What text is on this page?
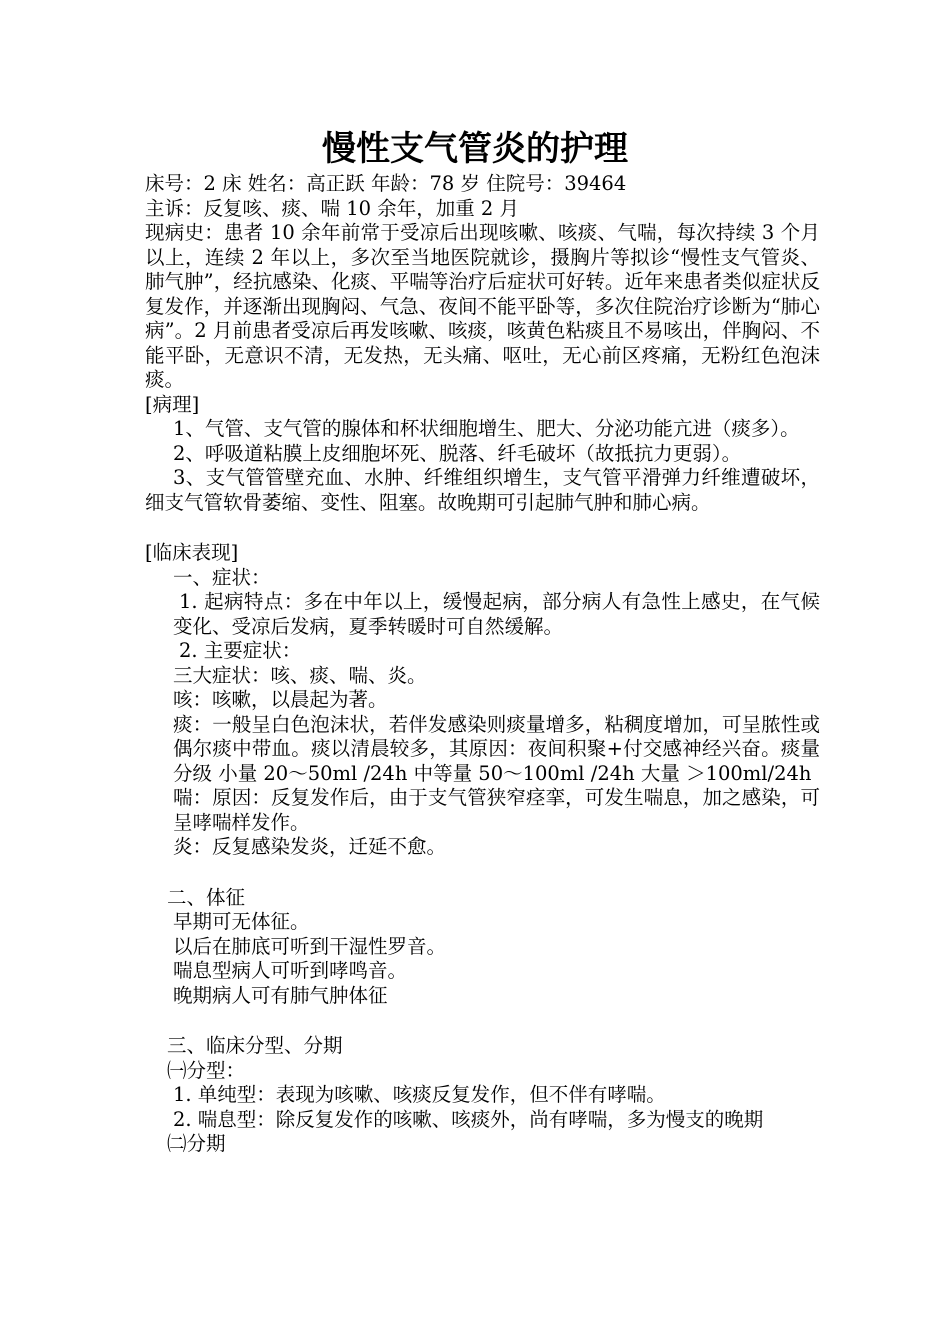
慢性支气管炎的护理

床号：2 床 姓名：高正跃 年龄：78 岁 住院号：39464

主诉：反复咳、痰、喘 10 余年，加重 2 月

现病史：患者 10 余年前常于受凉后出现咳嗽、咳痰、气喘，每次持续 3 个月以上，连续 2 年以上，多次至当地医院就诊，摄胸片等拟诊“慢性支气管炎、肺气肿”，经抗感染、化痰、平喘等治疗后症状可好转。近年来患者类似症状反复发作，并逐渐出现胸闷、气急、夜间不能平卧等，多次住院治疗诊断为“肺心病”。2 月前患者受凉后再发咳嗽、咳痰，咳黄色粘痰且不易咳出，伴胸闷、不能平卧，无意识不清，无发热，无头痛、呕吐，无心前区疼痛，无粉红色泡沫痰。

[病理]

1、气管、支气管的腺体和杯状细胞增生、肥大、分泌功能亢进（痰多）。

2、呼吸道粘膜上皮细胞坏死、脱落、纤毛破坏（故抵抗力更弱）。

3、支气管管壁充血、水肿、纤维组织增生，支气管平滑弹力纤维遭破坏，细支气管软骨萎缩、变性、阻塞。故晚期可引起肺气肿和肺心病。

[临床表现]

一、症状：

1. 起病特点：多在中年以上，缓慢起病，部分病人有急性上感史，在气候变化、受凉后发病，夏季转暖时可自然缓解。

2. 主要症状：

三大症状：咳、痰、喘、炎。

咳：咳嗽，以晨起为著。

痰：一般呈白色泡沫状，若伴发感染则痰量增多，粘稠度增加，可呈脓性或偶尔痰中带血。痰以清晨较多，其原因：夜间积聚+付交感神经兴奋。痰量分级 小量 20～50ml /24h 中等量 50～100ml /24h 大量 ＞100ml/24h

喘：原因：反复发作后，由于支气管狭窄痉挛，可发生喘息，加之感染，可呈哮喘样发作。

炎：反复感染发炎，迁延不愈。

二、体征

早期可无体征。

以后在肺底可听到干湿性罗音。

喘息型病人可听到哮鸣音。

晚期病人可有肺气肿体征

三、临床分型、分期

㈠分型：

1. 单纯型：表现为咳嗽、咳痰反复发作，但不伴有哮喘。

2. 喘息型：除反复发作的咳嗽、咳痰外，尚有哮喘，多为慢支的晚期

㈡分期
